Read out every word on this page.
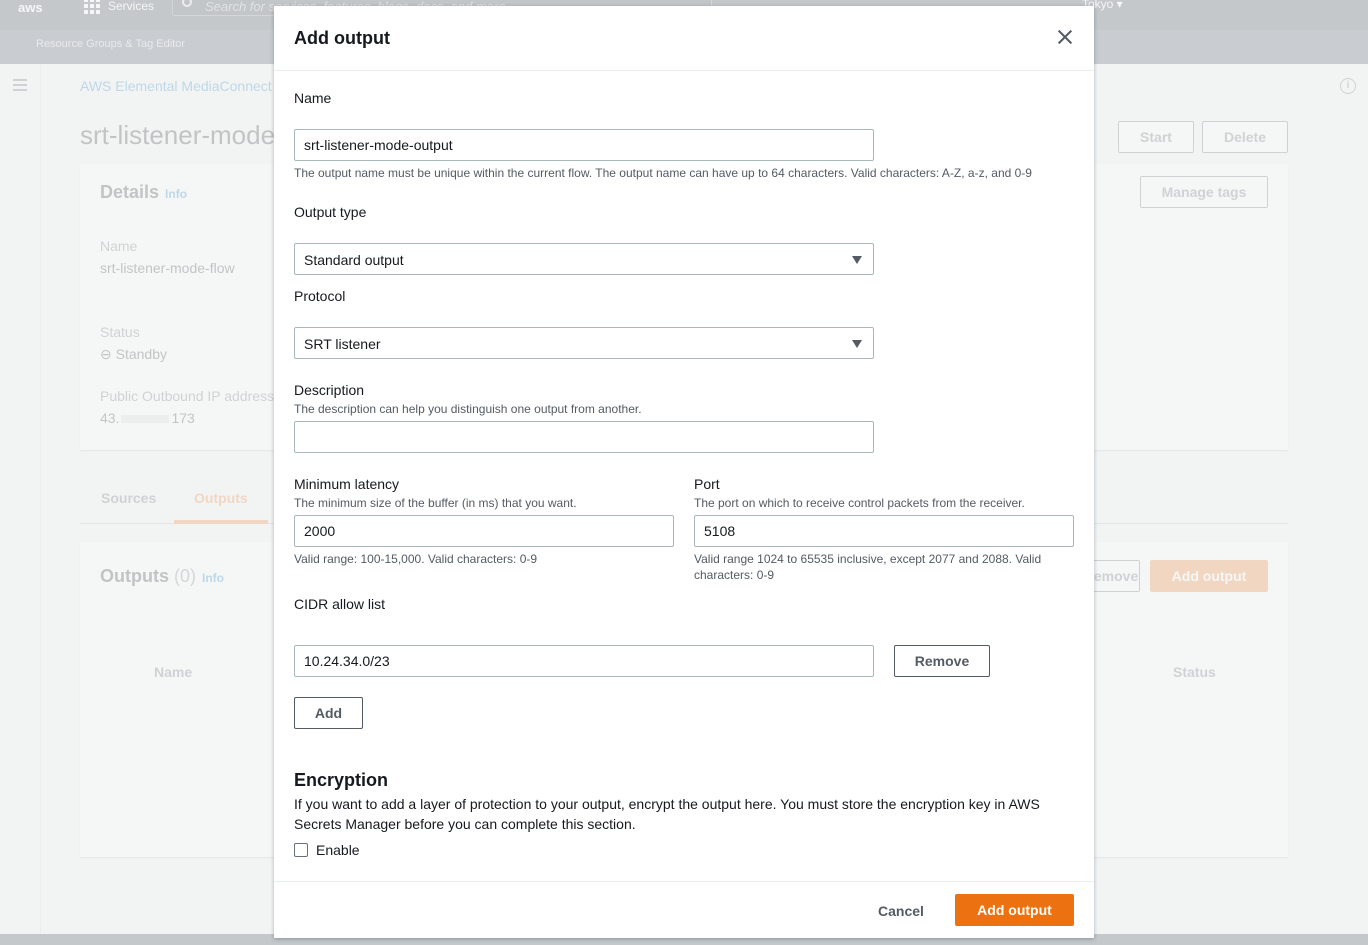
Add output
Name
srt-listener-mode-output
The output name must be unique within the current flow. The output name can have up to 64 characters. Valid characters: A-Z, a-z, and 0-9
Output type
Standard output
Protocol
SRT listener
Description
The description can help you distinguish one output from another.
Minimum latency
The minimum size of the buffer (in ms) that you want.
2000
Valid range: 100-15,000. Valid characters: 0-9
Port
The port on which to receive control packets from the receiver.
5108
Valid range 1024 to 65535 inclusive, except 2077 and 2088. Valid characters: 0-9
CIDR allow list
10.24.34.0/23
Remove
Add
Encryption
If you want to add a layer of protection to your output, encrypt the output here. You must store the encryption key in AWS Secrets Manager before you can complete this section.
Enable
Cancel	Add output
